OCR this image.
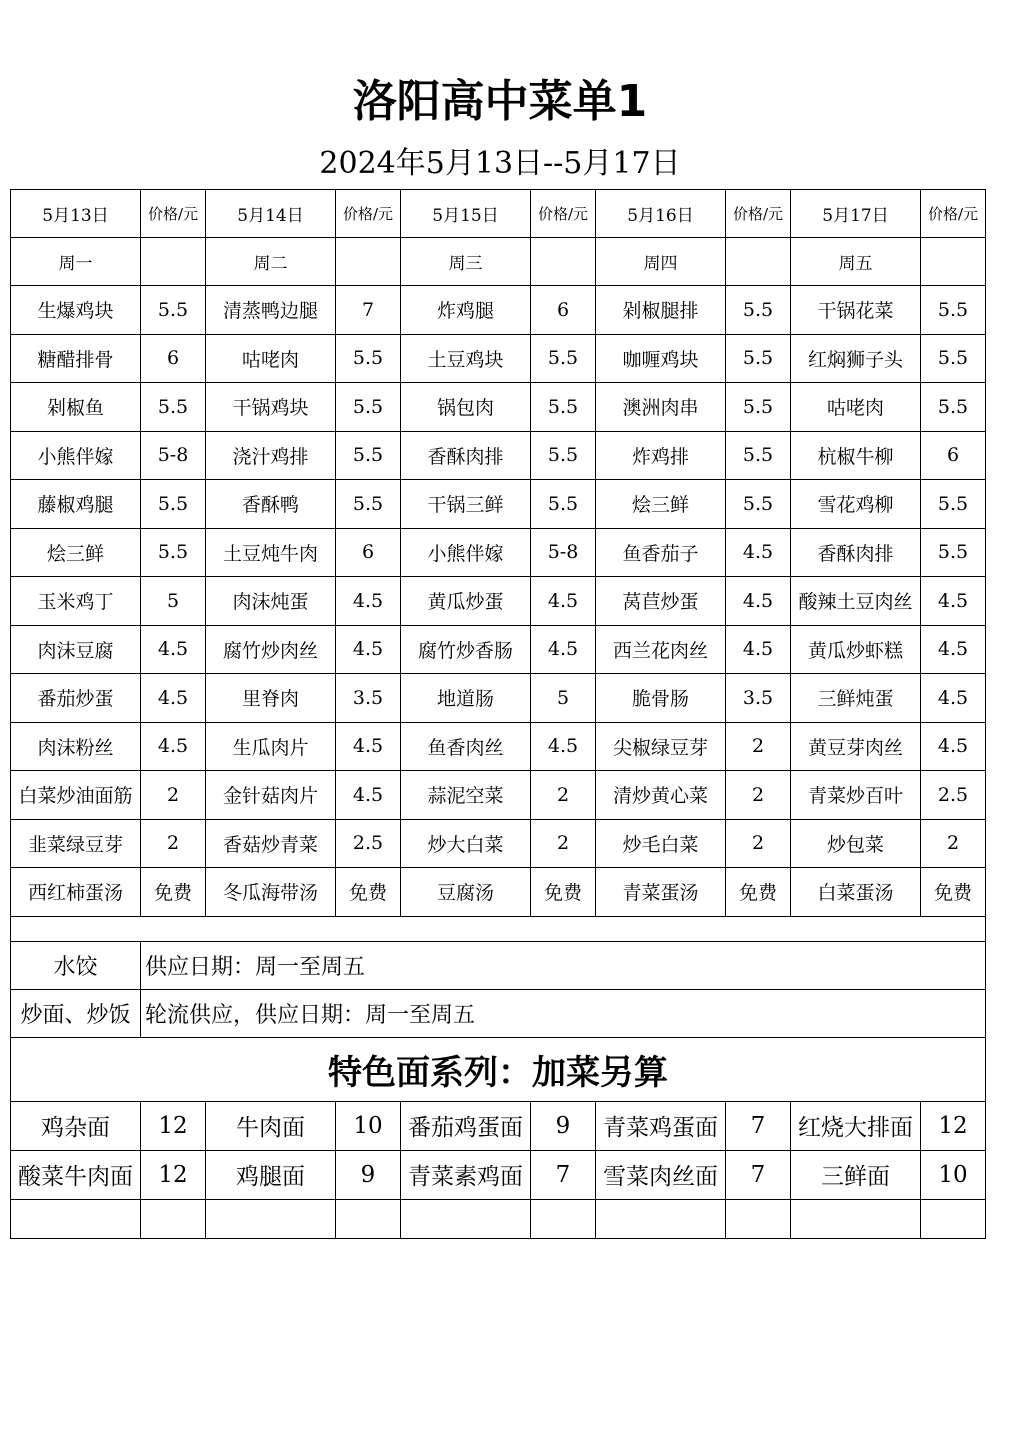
洛阳高中菜单1
2024年5月13日--5月17日
5月13日	价格/元	5月14日	价格/元	5月15日	价格/元	5月16日	价格/元	5月17日	价格/元
周一		周二		周三		周四		周五	
生爆鸡块	5.5	清蒸鸭边腿	7	炸鸡腿	6	剁椒腿排	5.5	干锅花菜	5.5
糖醋排骨	6	咕咾肉	5.5	土豆鸡块	5.5	咖喱鸡块	5.5	红焖狮子头	5.5
剁椒鱼	5.5	干锅鸡块	5.5	锅包肉	5.5	澳洲肉串	5.5	咕咾肉	5.5
小熊伴嫁	5-8	浇汁鸡排	5.5	香酥肉排	5.5	炸鸡排	5.5	杭椒牛柳	6
藤椒鸡腿	5.5	香酥鸭	5.5	干锅三鲜	5.5	烩三鲜	5.5	雪花鸡柳	5.5
烩三鲜	5.5	土豆炖牛肉	6	小熊伴嫁	5-8	鱼香茄子	4.5	香酥肉排	5.5
玉米鸡丁	5	肉沫炖蛋	4.5	黄瓜炒蛋	4.5	莴苣炒蛋	4.5	酸辣土豆肉丝	4.5
肉沫豆腐	4.5	腐竹炒肉丝	4.5	腐竹炒香肠	4.5	西兰花肉丝	4.5	黄瓜炒虾糕	4.5
番茄炒蛋	4.5	里脊肉	3.5	地道肠	5	脆骨肠	3.5	三鲜炖蛋	4.5
肉沫粉丝	4.5	生瓜肉片	4.5	鱼香肉丝	4.5	尖椒绿豆芽	2	黄豆芽肉丝	4.5
白菜炒油面筋	2	金针菇肉片	4.5	蒜泥空菜	2	清炒黄心菜	2	青菜炒百叶	2.5
韭菜绿豆芽	2	香菇炒青菜	2.5	炒大白菜	2	炒毛白菜	2	炒包菜	2
西红柿蛋汤	免费	冬瓜海带汤	免费	豆腐汤	免费	青菜蛋汤	免费	白菜蛋汤	免费

水饺	供应日期：周一至周五								
炒面、炒饭	轮流供应，供应日期：周一至周五								
特色面系列：加菜另算									
鸡杂面	12	牛肉面	10	番茄鸡蛋面	9	青菜鸡蛋面	7	红烧大排面	12
酸菜牛肉面	12	鸡腿面	9	青菜素鸡面	7	雪菜肉丝面	7	三鲜面	10
